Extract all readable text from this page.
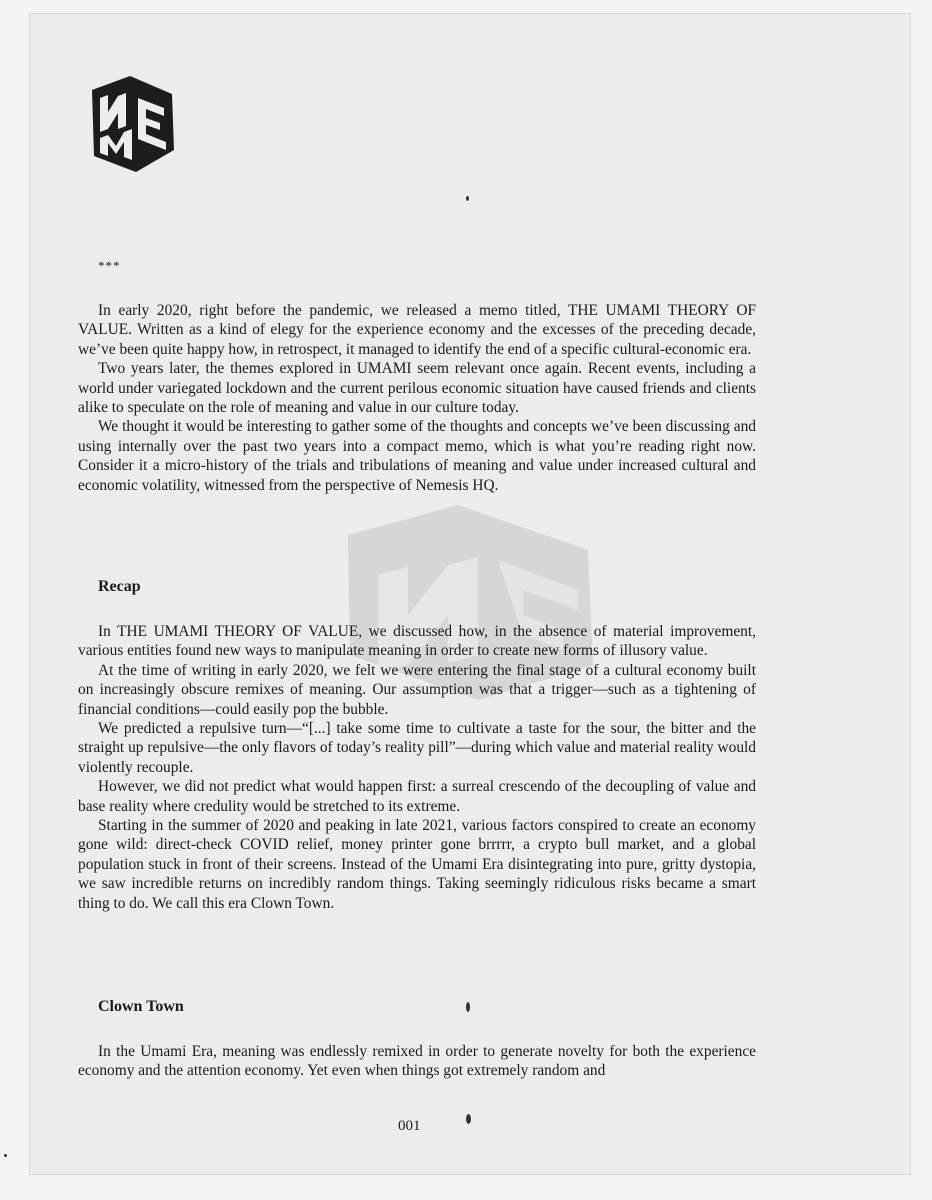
***

In early 2020, right before the pandemic, we released a memo titled, THE UMAMI THEORY OF VALUE. Written as a kind of elegy for the experience economy and the excesses of the preceding decade, we’ve been quite happy how, in retrospect, it managed to identify the end of a specific cultural-economic era.

Two years later, the themes explored in UMAMI seem relevant once again. Recent events, including a world under variegated lockdown and the current perilous economic situation have caused friends and clients alike to speculate on the role of meaning and value in our culture today.

We thought it would be interesting to gather some of the thoughts and concepts we’ve been discussing and using internally over the past two years into a compact memo, which is what you’re reading right now. Consider it a micro-history of the trials and tribulations of meaning and value under increased cultural and economic volatility, witnessed from the perspective of Nemesis HQ.

Recap

In THE UMAMI THEORY OF VALUE, we discussed how, in the absence of material improvement, various entities found new ways to manipulate meaning in order to create new forms of illusory value.

At the time of writing in early 2020, we felt we were entering the final stage of a cultural economy built on increasingly obscure remixes of meaning. Our assumption was that a trigger—such as a tightening of financial conditions—could easily pop the bubble.

We predicted a repulsive turn—“[...] take some time to cultivate a taste for the sour, the bitter and the straight up repulsive—the only flavors of today’s reality pill”—during which value and material reality would violently recouple.

However, we did not predict what would happen first: a surreal crescendo of the decoupling of value and base reality where credulity would be stretched to its extreme.

Starting in the summer of 2020 and peaking in late 2021, various factors conspired to create an economy gone wild: direct-check COVID relief, money printer gone brrrrr, a crypto bull market, and a global population stuck in front of their screens. Instead of the Umami Era disintegrating into pure, gritty dystopia, we saw incredible returns on incredibly random things. Taking seemingly ridiculous risks became a smart thing to do. We call this era Clown Town.

Clown Town

In the Umami Era, meaning was endlessly remixed in order to generate novelty for both the experience economy and the attention economy. Yet even when things got extremely random and

001
